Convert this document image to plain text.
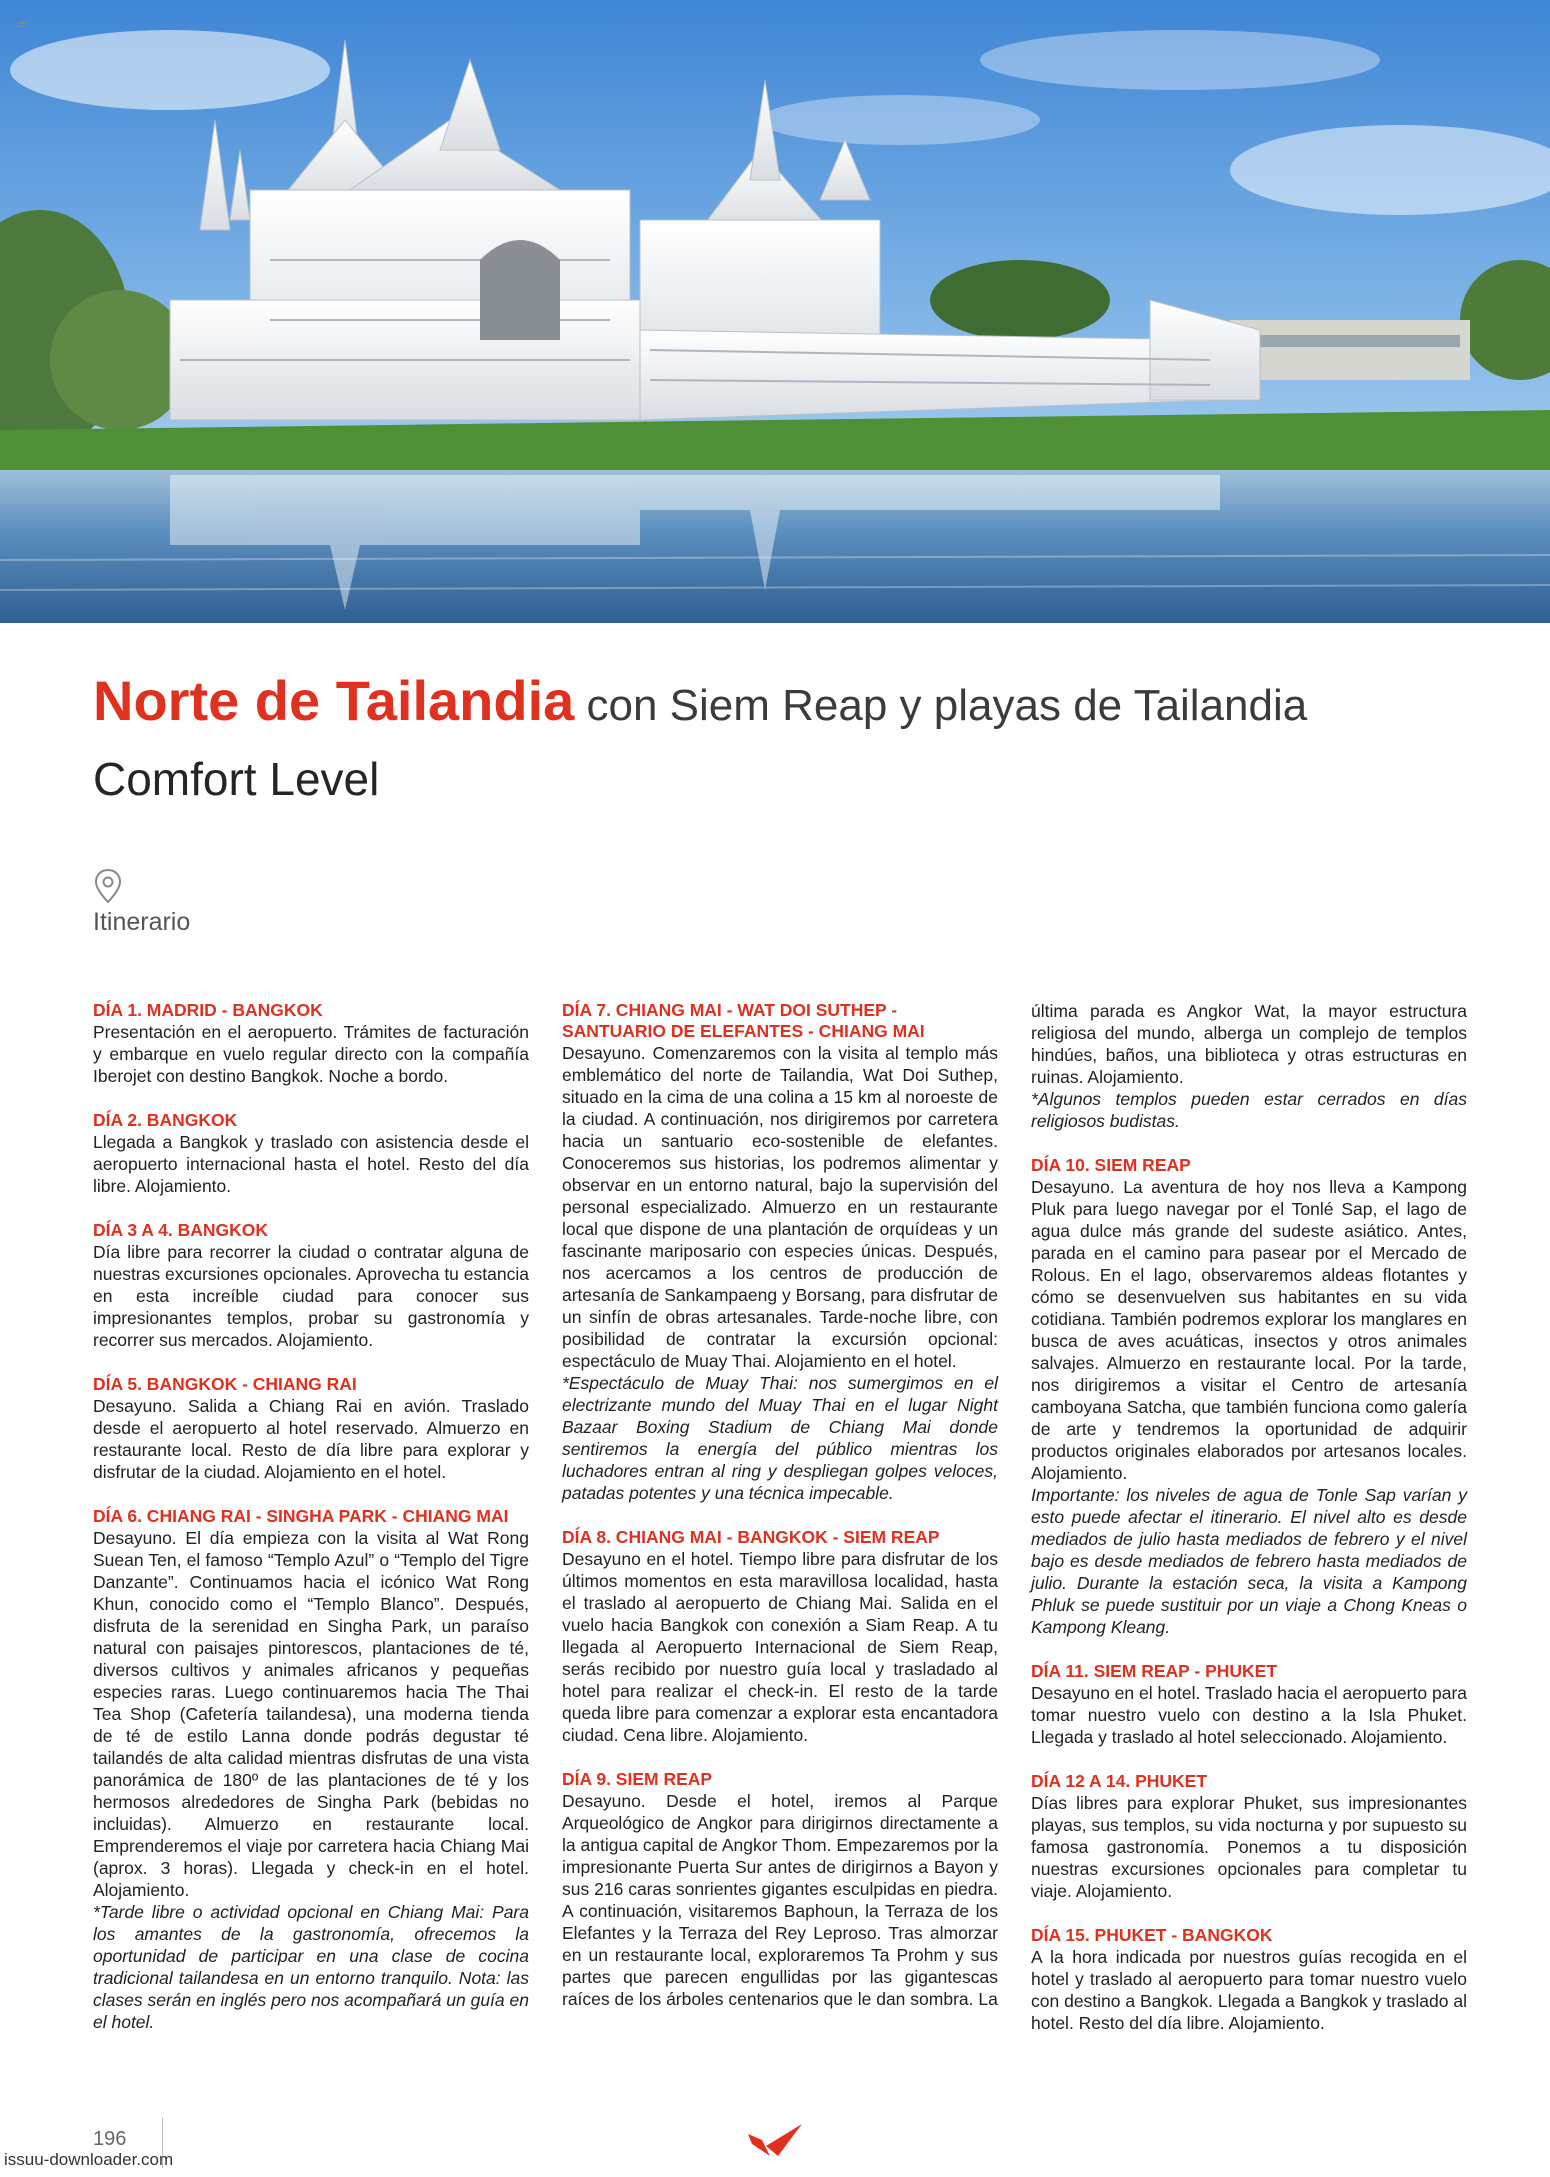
Norte de Tailandia con Siem Reap y playas de Tailandia
Comfort Level

Itinerario

DÍA 1. MADRID - BANGKOK

Presentación en el aeropuerto. Trámites de facturación y embarque en vuelo regular directo con la compañía Iberojet con destino Bangkok. Noche a bordo.

DÍA 2. BANGKOK

Llegada a Bangkok y traslado con asistencia desde el aeropuerto internacional hasta el hotel. Resto del día libre. Alojamiento.

DÍA 3 A 4. BANGKOK

Día libre para recorrer la ciudad o contratar alguna de nuestras excursiones opcionales. Aprovecha tu estancia en esta increíble ciudad para conocer sus impresionantes templos, probar su gastronomía y recorrer sus mercados. Alojamiento.

DÍA 5. BANGKOK - CHIANG RAI

Desayuno. Salida a Chiang Rai en avión. Traslado desde el aeropuerto al hotel reservado. Almuerzo en restaurante local. Resto de día libre para explorar y disfrutar de la ciudad. Alojamiento en el hotel.

DÍA 6. CHIANG RAI - SINGHA PARK - CHIANG MAI

Desayuno. El día empieza con la visita al Wat Rong Suean Ten, el famoso “Templo Azul” o “Templo del Tigre Danzante”. Continuamos hacia el icónico Wat Rong Khun, conocido como el “Templo Blanco”. Después, disfruta de la serenidad en Singha Park, un paraíso natural con paisajes pintorescos, plantaciones de té, diversos cultivos y animales africanos y pequeñas especies raras. Luego continuaremos hacia The Thai Tea Shop (Cafetería tailandesa), una moderna tienda de té de estilo Lanna donde podrás degustar té tailandés de alta calidad mientras disfrutas de una vista panorámica de 180º de las plantaciones de té y los hermosos alrededores de Singha Park (bebidas no incluidas). Almuerzo en restaurante local. Emprenderemos el viaje por carretera hacia Chiang Mai (aprox. 3 horas). Llegada y check-in en el hotel. Alojamiento.

*Tarde libre o actividad opcional en Chiang Mai: Para los amantes de la gastronomía, ofrecemos la oportunidad de participar en una clase de cocina tradicional tailandesa en un entorno tranquilo. Nota: las clases serán en inglés pero nos acompañará un guía en el hotel.

DÍA 7. CHIANG MAI - WAT DOI SUTHEP - SANTUARIO DE ELEFANTES - CHIANG MAI

Desayuno. Comenzaremos con la visita al templo más emblemático del norte de Tailandia, Wat Doi Suthep, situado en la cima de una colina a 15 km al noroeste de la ciudad. A continuación, nos dirigiremos por carretera hacia un santuario eco-sostenible de elefantes. Conoceremos sus historias, los podremos alimentar y observar en un entorno natural, bajo la supervisión del personal especializado. Almuerzo en un restaurante local que dispone de una plantación de orquídeas y un fascinante mariposario con especies únicas. Después, nos acercamos a los centros de producción de artesanía de Sankampaeng y Borsang, para disfrutar de un sinfín de obras artesanales. Tarde-noche libre, con posibilidad de contratar la excursión opcional: espectáculo de Muay Thai. Alojamiento en el hotel.

*Espectáculo de Muay Thai: nos sumergimos en el electrizante mundo del Muay Thai en el lugar Night Bazaar Boxing Stadium de Chiang Mai donde sentiremos la energía del público mientras los luchadores entran al ring y despliegan golpes veloces, patadas potentes y una técnica impecable.

DÍA 8. CHIANG MAI - BANGKOK - SIEM REAP

Desayuno en el hotel. Tiempo libre para disfrutar de los últimos momentos en esta maravillosa localidad, hasta el traslado al aeropuerto de Chiang Mai. Salida en el vuelo hacia Bangkok con conexión a Siam Reap. A tu llegada al Aeropuerto Internacional de Siem Reap, serás recibido por nuestro guía local y trasladado al hotel para realizar el check-in. El resto de la tarde queda libre para comenzar a explorar esta encantadora ciudad. Cena libre. Alojamiento.

DÍA 9. SIEM REAP

Desayuno. Desde el hotel, iremos al Parque Arqueológico de Angkor para dirigirnos directamente a la antigua capital de Angkor Thom. Empezaremos por la impresionante Puerta Sur antes de dirigirnos a Bayon y sus 216 caras sonrientes gigantes esculpidas en piedra. A continuación, visitaremos Baphoun, la Terraza de los Elefantes y la Terraza del Rey Leproso. Tras almorzar en un restaurante local, exploraremos Ta Prohm y sus partes que parecen engullidas por las gigantescas raíces de los árboles centenarios que le dan sombra. La

última parada es Angkor Wat, la mayor estructura religiosa del mundo, alberga un complejo de templos hindúes, baños, una biblioteca y otras estructuras en ruinas. Alojamiento.

*Algunos templos pueden estar cerrados en días religiosos budistas.

DÍA 10. SIEM REAP

Desayuno. La aventura de hoy nos lleva a Kampong Pluk para luego navegar por el Tonlé Sap, el lago de agua dulce más grande del sudeste asiático. Antes, parada en el camino para pasear por el Mercado de Rolous. En el lago, observaremos aldeas flotantes y cómo se desenvuelven sus habitantes en su vida cotidiana. También podremos explorar los manglares en busca de aves acuáticas, insectos y otros animales salvajes. Almuerzo en restaurante local. Por la tarde, nos dirigiremos a visitar el Centro de artesanía camboyana Satcha, que también funciona como galería de arte y tendremos la oportunidad de adquirir productos originales elaborados por artesanos locales. Alojamiento.

Importante: los niveles de agua de Tonle Sap varían y esto puede afectar el itinerario. El nivel alto es desde mediados de julio hasta mediados de febrero y el nivel bajo es desde mediados de febrero hasta mediados de julio. Durante la estación seca, la visita a Kampong Phluk se puede sustituir por un viaje a Chong Kneas o Kampong Kleang.

DÍA 11. SIEM REAP - PHUKET

Desayuno en el hotel. Traslado hacia el aeropuerto para tomar nuestro vuelo con destino a la Isla Phuket. Llegada y traslado al hotel seleccionado. Alojamiento.

DÍA 12 A 14. PHUKET

Días libres para explorar Phuket, sus impresionantes playas, sus templos, su vida nocturna y por supuesto su famosa gastronomía. Ponemos a tu disposición nuestras excursiones opcionales para completar tu viaje. Alojamiento.

DÍA 15. PHUKET - BANGKOK

A la hora indicada por nuestros guías recogida en el hotel y traslado al aeropuerto para tomar nuestro vuelo con destino a Bangkok. Llegada a Bangkok y traslado al hotel. Resto del día libre. Alojamiento.

196
issuu-downloader.com
